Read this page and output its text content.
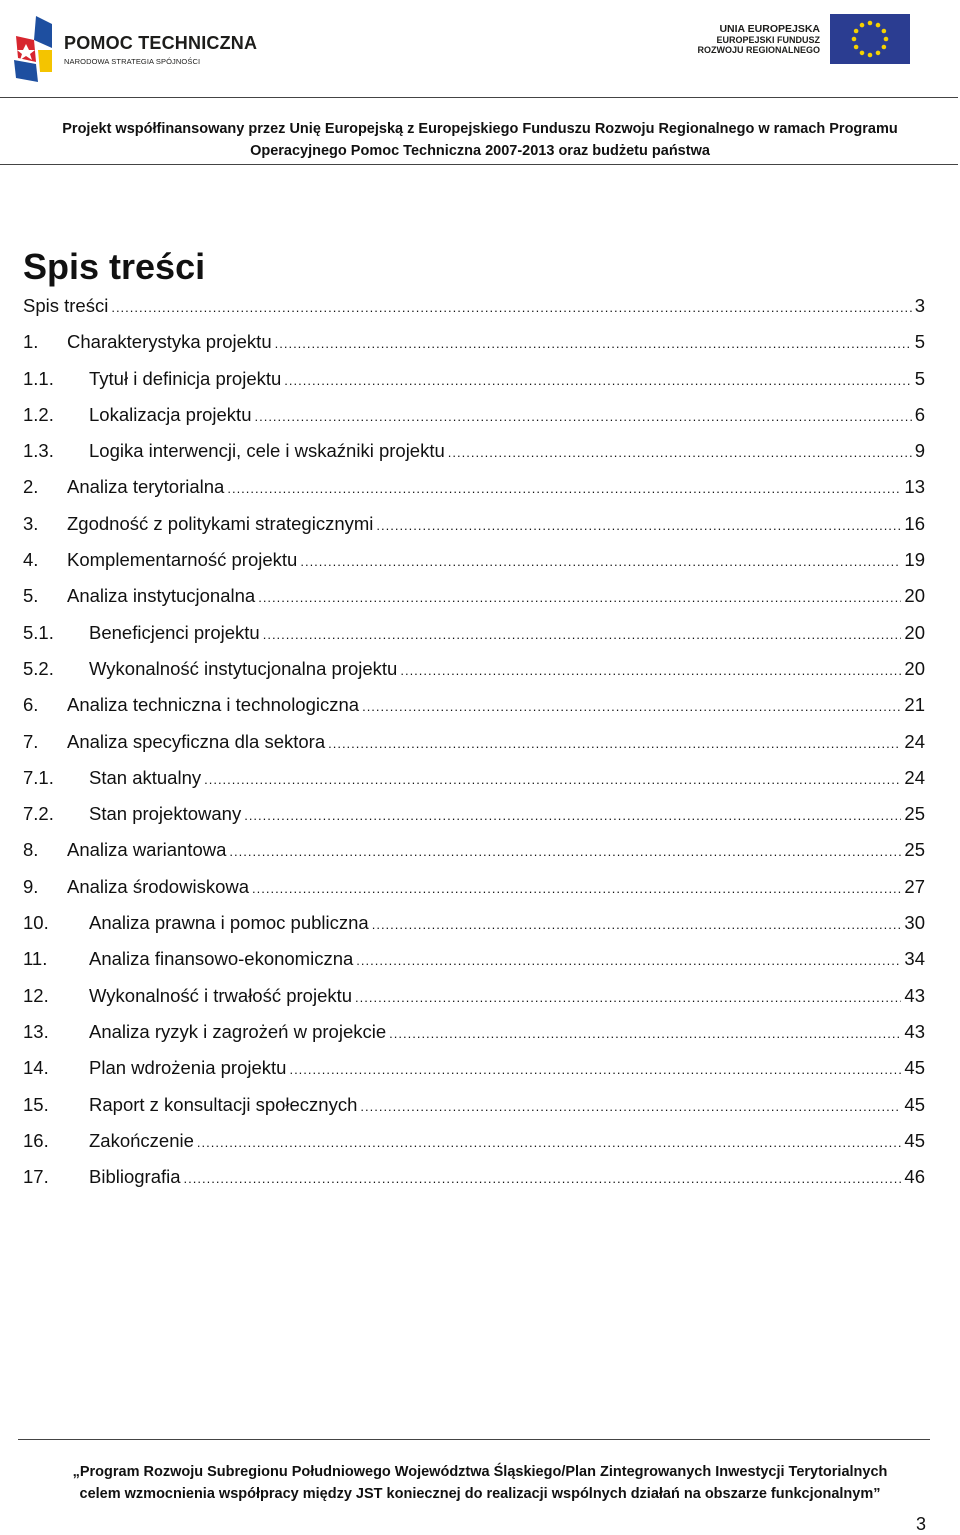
POMOC TECHNICZNA
NARODOWA STRATEGIA SPÓJNOŚCI
UNIA EUROPEJSKA
EUROPEJSKI FUNDUSZ
ROZWOJU REGIONALNEGO
Projekt współfinansowany przez Unię Europejską z Europejskiego Funduszu Rozwoju Regionalnego w ramach Programu
Operacyjnego Pomoc Techniczna 2007-2013 oraz budżetu państwa
Spis treści
Spis treści .....	3
1.	Charakterystyka projektu .....	5
1.1.	Tytuł i definicja projektu .....	5
1.2.	Lokalizacja projektu .....	6
1.3.	Logika interwencji, cele i wskaźniki projektu .....	9
2.	Analiza terytorialna .....	13
3.	Zgodność z politykami strategicznymi .....	16
4.	Komplementarność projektu .....	19
5.	Analiza instytucjonalna .....	20
5.1.	Beneficjenci projektu .....	20
5.2.	Wykonalność instytucjonalna projektu .....	20
6.	Analiza techniczna i technologiczna .....	21
7.	Analiza specyficzna dla sektora .....	24
7.1.	Stan aktualny .....	24
7.2.	Stan projektowany .....	25
8.	Analiza wariantowa .....	25
9.	Analiza środowiskowa .....	27
10.	Analiza prawna i pomoc publiczna .....	30
11.	Analiza finansowo-ekonomiczna .....	34
12.	Wykonalność i trwałość projektu .....	43
13.	Analiza ryzyk i zagrożeń w projekcie .....	43
14.	Plan wdrożenia projektu .....	45
15.	Raport z konsultacji społecznych .....	45
16.	Zakończenie .....	45
17.	Bibliografia .....	46
„Program Rozwoju Subregionu Południowego Województwa Śląskiego/Plan Zintegrowanych Inwestycji Terytorialnych
celem wzmocnienia współpracy między JST koniecznej do realizacji wspólnych działań na obszarze funkcjonalnym”
3
